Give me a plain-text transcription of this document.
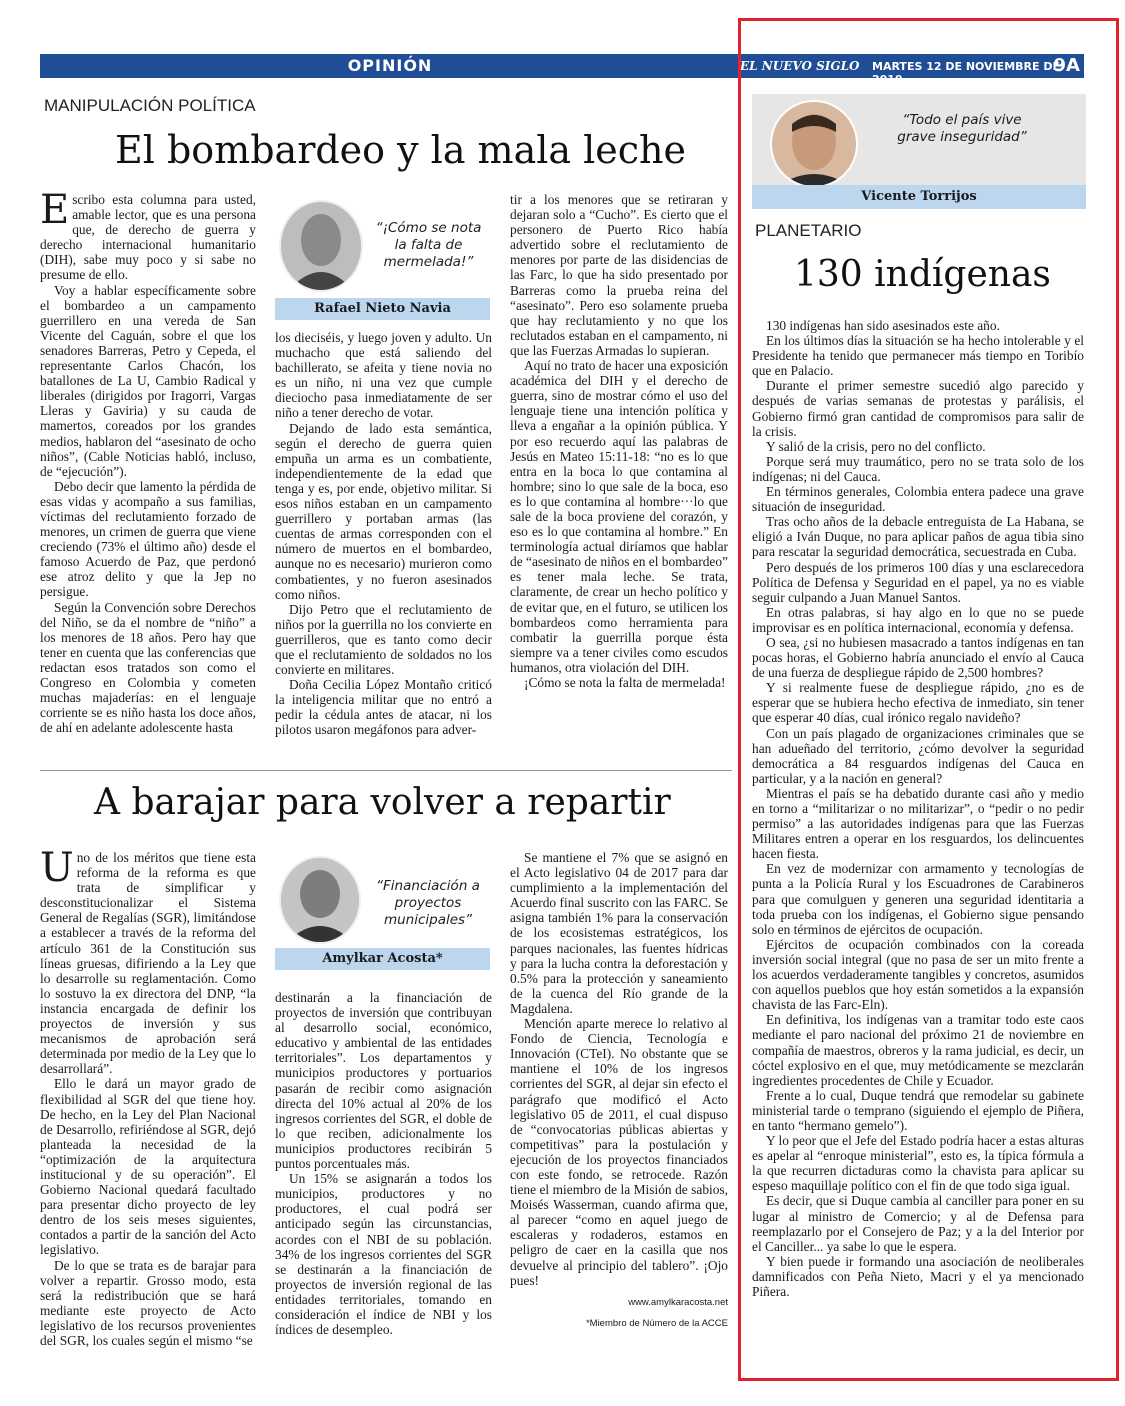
OPINIÓN	EL NUEVO SIGLO MARTES 12 DE NOVIEMBRE DE 2019
9A
MANIPULACIÓN POLÍTICA
El bombardeo y la mala leche

Escribo esta columna para usted, amable lector, que es una persona que, de derecho de guerra y derecho internacional humanitario (DIH), sabe muy poco y si sabe no presume de ello.

Voy a hablar específicamente sobre el bombardeo a un campamento guerrillero en una vereda de San Vicente del Caguán, sobre el que los senadores Barreras, Petro y Cepeda, el representante Carlos Chacón, los batallones de La U, Cambio Radical y liberales (dirigidos por Iragorri, Vargas Lleras y Gaviria) y su cauda de mamertos, coreados por los grandes medios, hablaron del “asesinato de ocho niños”, (Cable Noticias habló, incluso, de “ejecución”).

Debo decir que lamento la pérdida de esas vidas y acompaño a sus familias, víctimas del reclutamiento forzado de menores, un crimen de guerra que viene creciendo (73% el último año) desde el famoso Acuerdo de Paz, que perdonó ese atroz delito y que la Jep no persigue.

Según la Convención sobre Derechos del Niño, se da el nombre de “niño” a los menores de 18 años. Pero hay que tener en cuenta que las conferencias que redactan esos tratados son como el Congreso en Colombia y cometen muchas majaderías: en el lenguaje corriente se es niño hasta los doce años, de ahí en adelante adolescente hasta

los dieciséis, y luego joven y adulto. Un muchacho que está saliendo del bachillerato, se afeita y tiene novia no es un niño, ni una vez que cumple dieciocho pasa inmediatamente de ser niño a tener derecho de votar.

Dejando de lado esta semántica, según el derecho de guerra quien empuña un arma es un combatiente, independientemente de la edad que tenga y es, por ende, objetivo militar. Si esos niños estaban en un campamento guerrillero y portaban armas (las cuentas de armas corresponden con el número de muertos en el bombardeo, aunque no es necesario) murieron como combatientes, y no fueron asesinados como niños.

Dijo Petro que el reclutamiento de niños por la guerrilla no los convierte en guerrilleros, que es tanto como decir que el reclutamiento de soldados no los convierte en militares.

Doña Cecilia López Montaño criticó la inteligencia militar que no entró a pedir la cédula antes de atacar, ni los pilotos usaron megáfonos para adver-

tir a los menores que se retiraran y dejaran solo a “Cucho”. Es cierto que el personero de Puerto Rico había advertido sobre el reclutamiento de menores por parte de las disidencias de las Farc, lo que ha sido presentado por Barreras como la prueba reina del “asesinato”. Pero eso solamente prueba que hay reclutamiento y no que los reclutados estaban en el campamento, ni que las Fuerzas Armadas lo supieran.

Aquí no trato de hacer una exposición académica del DIH y el derecho de guerra, sino de mostrar cómo el uso del lenguaje tiene una intención política y lleva a engañar a la opinión pública. Y por eso recuerdo aquí las palabras de Jesús en Mateo 15:11-18: “no es lo que entra en la boca lo que contamina al hombre; sino lo que sale de la boca, eso es lo que contamina al hombre···lo que sale de la boca proviene del corazón, y eso es lo que contamina al hombre.” En terminología actual diríamos que hablar de “asesinato de niños en el bombardeo” es tener mala leche. Se trata, claramente, de crear un hecho político y de evitar que, en el futuro, se utilicen los bombardeos como herramienta para combatir la guerrilla porque ésta siempre va a tener civiles como escudos humanos, otra violación del DIH.

¡Cómo se nota la falta de mermelada!

“¡Cómo se nota la falta de mermelada!”
Rafael Nieto Navia
A barajar para volver a repartir

Uno de los méritos que tiene esta reforma de la reforma es que trata de simplificar y desconstitucionalizar el Sistema General de Regalías (SGR), limitándose a establecer a través de la reforma del artículo 361 de la Constitución sus líneas gruesas, difiriendo a la Ley que lo desarrolle su reglamentación. Como lo sostuvo la ex directora del DNP, “la instancia encargada de definir los proyectos de inversión y sus mecanismos de aprobación será determinada por medio de la Ley que lo desarrollará”.

Ello le dará un mayor grado de flexibilidad al SGR del que tiene hoy. De hecho, en la Ley del Plan Nacional de Desarrollo, refiriéndose al SGR, dejó planteada la necesidad de la “optimización de la arquitectura institucional y de su operación”. El Gobierno Nacional quedará facultado para presentar dicho proyecto de ley dentro de los seis meses siguientes, contados a partir de la sanción del Acto legislativo.

De lo que se trata es de barajar para volver a repartir. Grosso modo, esta será la redistribución que se hará mediante este proyecto de Acto legislativo de los recursos provenientes del SGR, los cuales según el mismo “se

destinarán a la financiación de proyectos de inversión que contribuyan al desarrollo social, económico, educativo y ambiental de las entidades territoriales”. Los departamentos y municipios productores y portuarios pasarán de recibir como asignación directa del 10% actual al 20% de los ingresos corrientes del SGR, el doble de lo que reciben, adicionalmente los municipios productores recibirán 5 puntos porcentuales más.

Un 15% se asignarán a todos los municipios, productores y no productores, el cual podrá ser anticipado según las circunstancias, acordes con el NBI de su población. 34% de los ingresos corrientes del SGR se destinarán a la financiación de proyectos de inversión regional de las entidades territoriales, tomando en consideración el índice de NBI y los índices de desempleo.

Se mantiene el 7% que se asignó en el Acto legislativo 04 de 2017 para dar cumplimiento a la implementación del Acuerdo final suscrito con las FARC. Se asigna también 1% para la conservación de los ecosistemas estratégicos, los parques nacionales, las fuentes hídricas y para la lucha contra la deforestación y 0.5% para la protección y saneamiento de la cuenca del Río grande de la Magdalena.

Mención aparte merece lo relativo al Fondo de Ciencia, Tecnología e Innovación (CTeI). No obstante que se mantiene el 10% de los ingresos corrientes del SGR, al dejar sin efecto el parágrafo que modificó el Acto legislativo 05 de 2011, el cual dispuso de “convocatorias públicas abiertas y competitivas” para la postulación y ejecución de los proyectos financiados con este fondo, se retrocede. Razón tiene el miembro de la Misión de sabios, Moisés Wasserman, cuando afirma que, al parecer “como en aquel juego de escaleras y rodaderos, estamos en peligro de caer en la casilla que nos devuelve al principio del tablero”. ¡Ojo pues!

www.amylkaracosta.net
*Miembro de Número de la ACCE
“Financiación a proyectos municipales”
Amylkar Acosta*
“Todo el país vive grave inseguridad”
Vicente Torrijos
PLANETARIO
130 indígenas

130 indígenas han sido asesinados este año.

En los últimos días la situación se ha hecho intolerable y el Presidente ha tenido que permanecer más tiempo en Toribío que en Palacio.

Durante el primer semestre sucedió algo parecido y después de varias semanas de protestas y parálisis, el Gobierno firmó gran cantidad de compromisos para salir de la crisis.

Y salió de la crisis, pero no del conflicto.

Porque será muy traumático, pero no se trata solo de los indígenas; ni del Cauca.

En términos generales, Colombia entera padece una grave situación de inseguridad.

Tras ocho años de la debacle entreguista de La Habana, se eligió a Iván Duque, no para aplicar paños de agua tibia sino para rescatar la seguridad democrática, secuestrada en Cuba.

Pero después de los primeros 100 días y una esclarecedora Política de Defensa y Seguridad en el papel, ya no es viable seguir culpando a Juan Manuel Santos.

En otras palabras, si hay algo en lo que no se puede improvisar es en política internacional, economía y defensa.

O sea, ¿si no hubiesen masacrado a tantos indígenas en tan pocas horas, el Gobierno habría anunciado el envío al Cauca de una fuerza de despliegue rápido de 2,500 hombres?

Y si realmente fuese de despliegue rápido, ¿no es de esperar que se hubiera hecho efectiva de inmediato, sin tener que esperar 40 días, cual irónico regalo navideño?

Con un país plagado de organizaciones criminales que se han adueñado del territorio, ¿cómo devolver la seguridad democrática a 84 resguardos indígenas del Cauca en particular, y a la nación en general?

Mientras el país se ha debatido durante casi año y medio en torno a “militarizar o no militarizar”, o “pedir o no pedir permiso” a las autoridades indígenas para que las Fuerzas Militares entren a operar en los resguardos, los delincuentes hacen fiesta.

En vez de modernizar con armamento y tecnologías de punta a la Policía Rural y los Escuadrones de Carabineros para que comulguen y generen una seguridad identitaria a toda prueba con los indígenas, el Gobierno sigue pensando solo en términos de ejércitos de ocupación.

Ejércitos de ocupación combinados con la coreada inversión social integral (que no pasa de ser un mito frente a los acuerdos verdaderamente tangibles y concretos, asumidos con aquellos pueblos que hoy están sometidos a la expansión chavista de las Farc-Eln).

En definitiva, los indígenas van a tramitar todo este caos mediante el paro nacional del próximo 21 de noviembre en compañía de maestros, obreros y la rama judicial, es decir, un cóctel explosivo en el que, muy metódicamente se mezclarán ingredientes procedentes de Chile y Ecuador.

Frente a lo cual, Duque tendrá que remodelar su gabinete ministerial tarde o temprano (siguiendo el ejemplo de Piñera, en tanto “hermano gemelo”).

Y lo peor que el Jefe del Estado podría hacer a estas alturas es apelar al “enroque ministerial”, esto es, la típica fórmula a la que recurren dictaduras como la chavista para aplicar su espeso maquillaje político con el fin de que todo siga igual.

Es decir, que si Duque cambia al canciller para poner en su lugar al ministro de Comercio; y al de Defensa para reemplazarlo por el Consejero de Paz; y a la del Interior por el Canciller... ya sabe lo que le espera.

Y bien puede ir formando una asociación de neoliberales damnificados con Peña Nieto, Macri y el ya mencionado Piñera.
